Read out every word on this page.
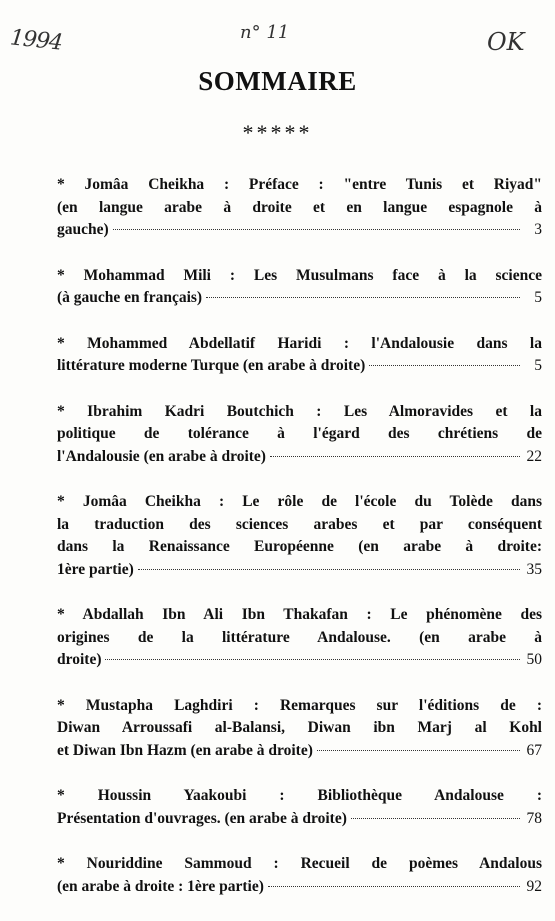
1994	n° 11	OK
SOMMAIRE
*****
* Jomâa Cheikha : Préface : "entre Tunis et Riyad"
(en langue arabe à droite et en langue espagnole à
gauche)	3
* Mohammad Mili : Les Musulmans face à la science
(à gauche en français)	5
* Mohammed Abdellatif Haridi : l'Andalousie dans la
littérature moderne Turque (en arabe à droite)	5
* Ibrahim Kadri Boutchich : Les Almoravides et la
politique de tolérance à l'égard des chrétiens de
l'Andalousie (en arabe à droite)	22
* Jomâa Cheikha : Le rôle de l'école du Tolède dans
la traduction des sciences arabes et par conséquent
dans la Renaissance Européenne (en arabe à droite:
1ère partie)	35
* Abdallah Ibn Ali Ibn Thakafan : Le phénomène des
origines de la littérature Andalouse. (en arabe à
droite)	50
* Mustapha Laghdiri : Remarques sur l'éditions de :
Diwan Arroussafi al-Balansi, Diwan ibn Marj al Kohl
et Diwan Ibn Hazm (en arabe à droite)	67
* Houssin Yaakoubi : Bibliothèque Andalouse :
Présentation d'ouvrages. (en arabe à droite)	78
* Nouriddine Sammoud : Recueil de poèmes Andalous
(en arabe à droite : 1ère partie)	92
